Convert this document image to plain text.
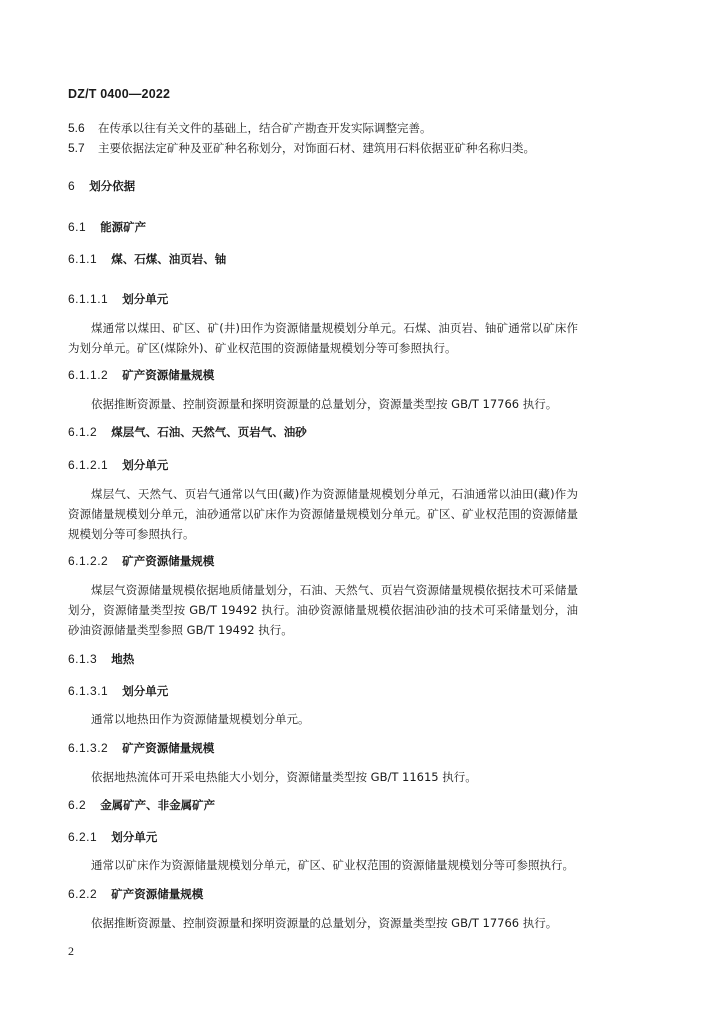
DZ/T 0400—2022
5.6 在传承以往有关文件的基础上，结合矿产勘查开发实际调整完善。
5.7 主要依据法定矿种及亚矿种名称划分，对饰面石材、建筑用石料依据亚矿种名称归类。
6 划分依据
6.1 能源矿产
6.1.1 煤、石煤、油页岩、铀
6.1.1.1 划分单元
煤通常以煤田、矿区、矿(井)田作为资源储量规模划分单元。石煤、油页岩、铀矿通常以矿床作为划分单元。矿区(煤除外)、矿业权范围的资源储量规模划分等可参照执行。
6.1.1.2 矿产资源储量规模
依据推断资源量、控制资源量和探明资源量的总量划分，资源量类型按 GB/T 17766 执行。
6.1.2 煤层气、石油、天然气、页岩气、油砂
6.1.2.1 划分单元
煤层气、天然气、页岩气通常以气田(藏)作为资源储量规模划分单元，石油通常以油田(藏)作为资源储量规模划分单元，油砂通常以矿床作为资源储量规模划分单元。矿区、矿业权范围的资源储量规模划分等可参照执行。
6.1.2.2 矿产资源储量规模
煤层气资源储量规模依据地质储量划分，石油、天然气、页岩气资源储量规模依据技术可采储量划分，资源储量类型按 GB/T 19492 执行。油砂资源储量规模依据油砂油的技术可采储量划分，油砂油资源储量类型参照 GB/T 19492 执行。
6.1.3 地热
6.1.3.1 划分单元
通常以地热田作为资源储量规模划分单元。
6.1.3.2 矿产资源储量规模
依据地热流体可开采电热能大小划分，资源储量类型按 GB/T 11615 执行。
6.2 金属矿产、非金属矿产
6.2.1 划分单元
通常以矿床作为资源储量规模划分单元，矿区、矿业权范围的资源储量规模划分等可参照执行。
6.2.2 矿产资源储量规模
依据推断资源量、控制资源量和探明资源量的总量划分，资源量类型按 GB/T 17766 执行。
2
